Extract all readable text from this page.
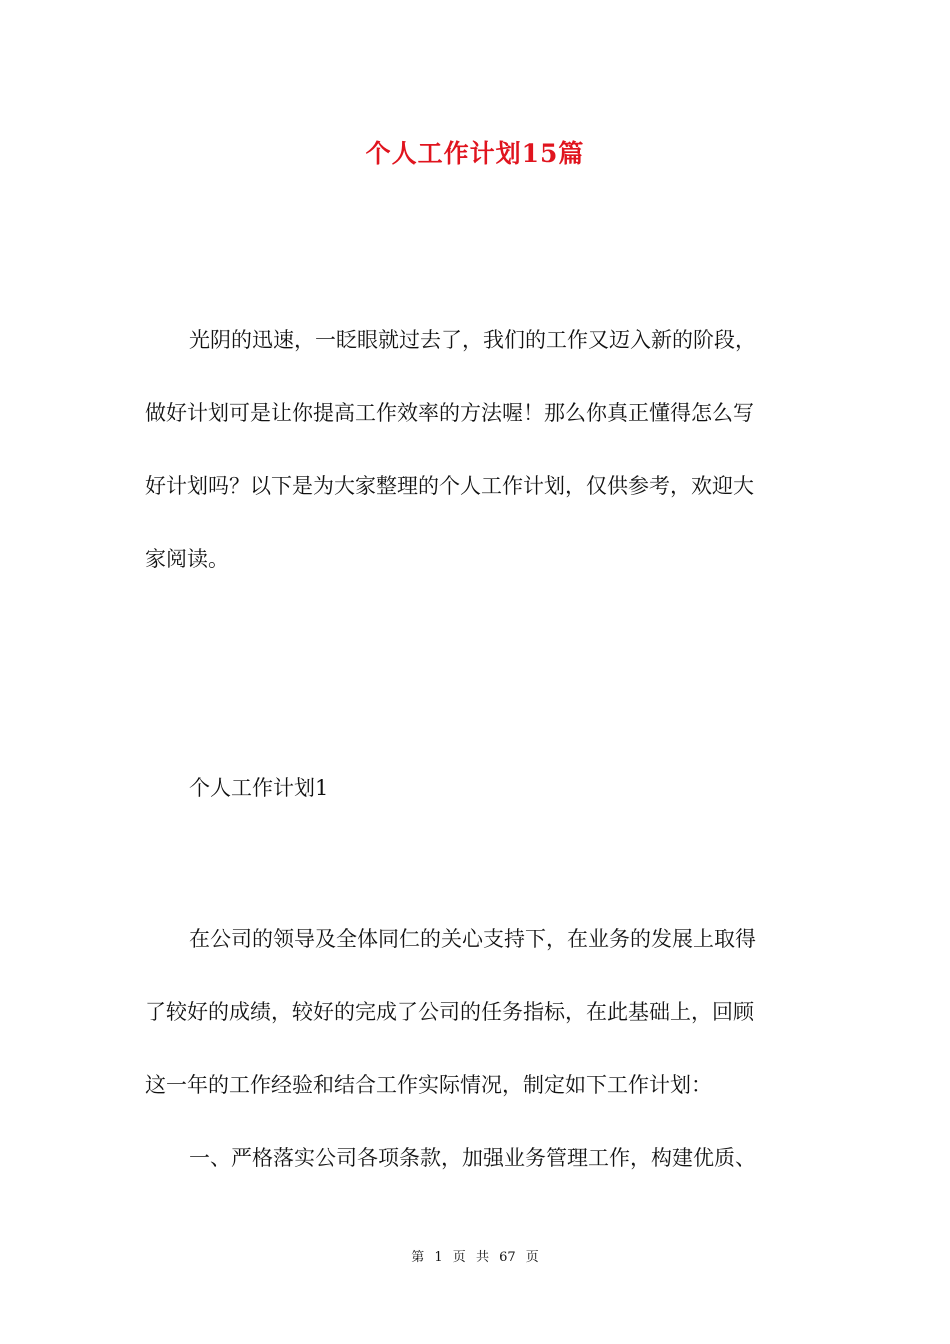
个人工作计划15篇
光阴的迅速，一眨眼就过去了，我们的工作又迈入新的阶段，
做好计划可是让你提高工作效率的方法喔！那么你真正懂得怎么写
好计划吗？以下是为大家整理的个人工作计划，仅供参考，欢迎大
家阅读。
个人工作计划1
在公司的领导及全体同仁的关心支持下，在业务的发展上取得
了较好的成绩，较好的完成了公司的任务指标，在此基础上，回顾
这一年的工作经验和结合工作实际情况，制定如下工作计划：
一、严格落实公司各项条款，加强业务管理工作，构建优质、
第 1 页 共 67 页
